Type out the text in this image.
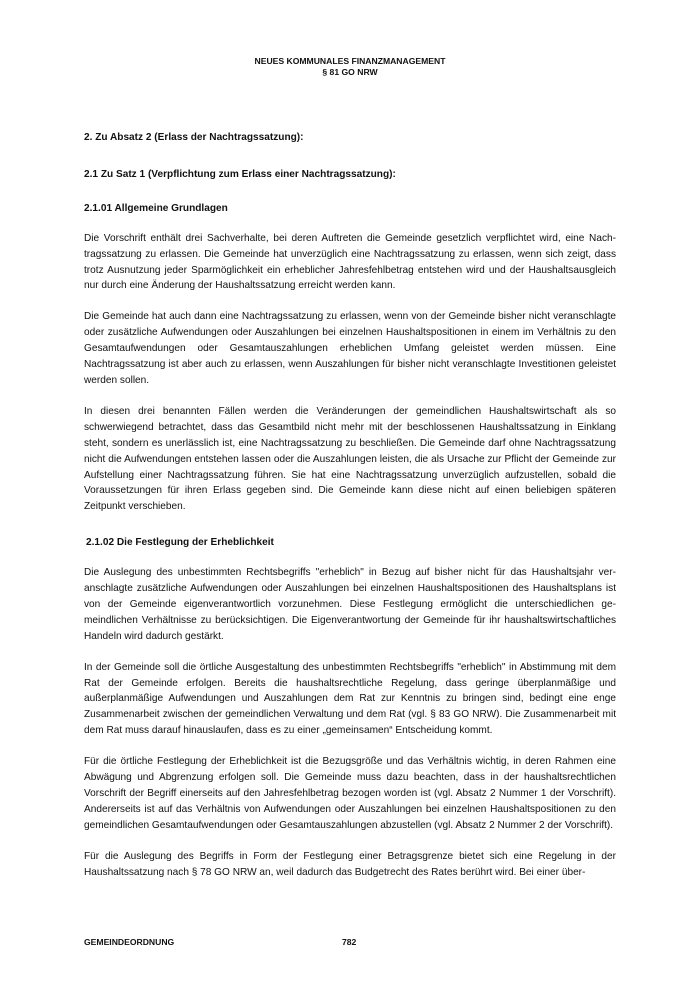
NEUES KOMMUNALES FINANZMANAGEMENT
§ 81 GO NRW
2. Zu Absatz 2 (Erlass der Nachtragssatzung):
2.1 Zu Satz 1 (Verpflichtung zum Erlass einer Nachtragssatzung):
2.1.01 Allgemeine Grundlagen

Die Vorschrift enthält drei Sachverhalte, bei deren Auftreten die Gemeinde gesetzlich verpflichtet wird, eine Nachtragssatzung zu erlassen. Die Gemeinde hat unverzüglich eine Nachtragssatzung zu erlassen, wenn sich zeigt, dass trotz Ausnutzung jeder Sparmöglichkeit ein erheblicher Jahresfehlbetrag entstehen wird und der Haushaltsausgleich nur durch eine Änderung der Haushaltssatzung erreicht werden kann.

Die Gemeinde hat auch dann eine Nachtragssatzung zu erlassen, wenn von der Gemeinde bisher nicht veranschlagte oder zusätzliche Aufwendungen oder Auszahlungen bei einzelnen Haushaltspositionen in einem im Verhältnis zu den Gesamtaufwendungen oder Gesamtauszahlungen erheblichen Umfang geleistet werden müssen. Eine Nachtragssatzung ist aber auch zu erlassen, wenn Auszahlungen für bisher nicht veranschlagte Investitionen geleistet werden sollen.

In diesen drei benannten Fällen werden die Veränderungen der gemeindlichen Haushaltswirtschaft als so schwerwiegend betrachtet, dass das Gesamtbild nicht mehr mit der beschlossenen Haushaltssatzung in Einklang steht, sondern es unerlässlich ist, eine Nachtragssatzung zu beschließen. Die Gemeinde darf ohne Nachtragssatzung nicht die Aufwendungen entstehen lassen oder die Auszahlungen leisten, die als Ursache zur Pflicht der Gemeinde zur Aufstellung einer Nachtragssatzung führen. Sie hat eine Nachtragssatzung unverzüglich aufzustellen, sobald die Voraussetzungen für ihren Erlass gegeben sind. Die Gemeinde kann diese nicht auf einen beliebigen späteren Zeitpunkt verschieben.

2.1.02 Die Festlegung der Erheblichkeit

Die Auslegung des unbestimmten Rechtsbegriffs "erheblich" in Bezug auf bisher nicht für das Haushaltsjahr veranschlagte zusätzliche Aufwendungen oder Auszahlungen bei einzelnen Haushaltspositionen des Haushaltsplans ist von der Gemeinde eigenverantwortlich vorzunehmen. Diese Festlegung ermöglicht die unterschiedlichen gemeindlichen Verhältnisse zu berücksichtigen. Die Eigenverantwortung der Gemeinde für ihr haushaltswirtschaftliches Handeln wird dadurch gestärkt.

In der Gemeinde soll die örtliche Ausgestaltung des unbestimmten Rechtsbegriffs "erheblich" in Abstimmung mit dem Rat der Gemeinde erfolgen. Bereits die haushaltsrechtliche Regelung, dass geringe überplanmäßige und außerplanmäßige Aufwendungen und Auszahlungen dem Rat zur Kenntnis zu bringen sind, bedingt eine enge Zusammenarbeit zwischen der gemeindlichen Verwaltung und dem Rat (vgl. § 83 GO NRW). Die Zusammenarbeit mit dem Rat muss darauf hinauslaufen, dass es zu einer „gemeinsamen“ Entscheidung kommt.

Für die örtliche Festlegung der Erheblichkeit ist die Bezugsgröße und das Verhältnis wichtig, in deren Rahmen eine Abwägung und Abgrenzung erfolgen soll. Die Gemeinde muss dazu beachten, dass in der haushaltsrechtlichen Vorschrift der Begriff einerseits auf den Jahresfehlbetrag bezogen worden ist (vgl. Absatz 2 Nummer 1 der Vorschrift). Andererseits ist auf das Verhältnis von Aufwendungen oder Auszahlungen bei einzelnen Haushaltspositionen zu den gemeindlichen Gesamtaufwendungen oder Gesamtauszahlungen abzustellen (vgl. Absatz 2 Nummer 2 der Vorschrift).

Für die Auslegung des Begriffs in Form der Festlegung einer Betragsgrenze bietet sich eine Regelung in der Haushaltssatzung nach § 78 GO NRW an, weil dadurch das Budgetrecht des Rates berührt wird. Bei einer über-

GEMEINDEORDNUNG	782
